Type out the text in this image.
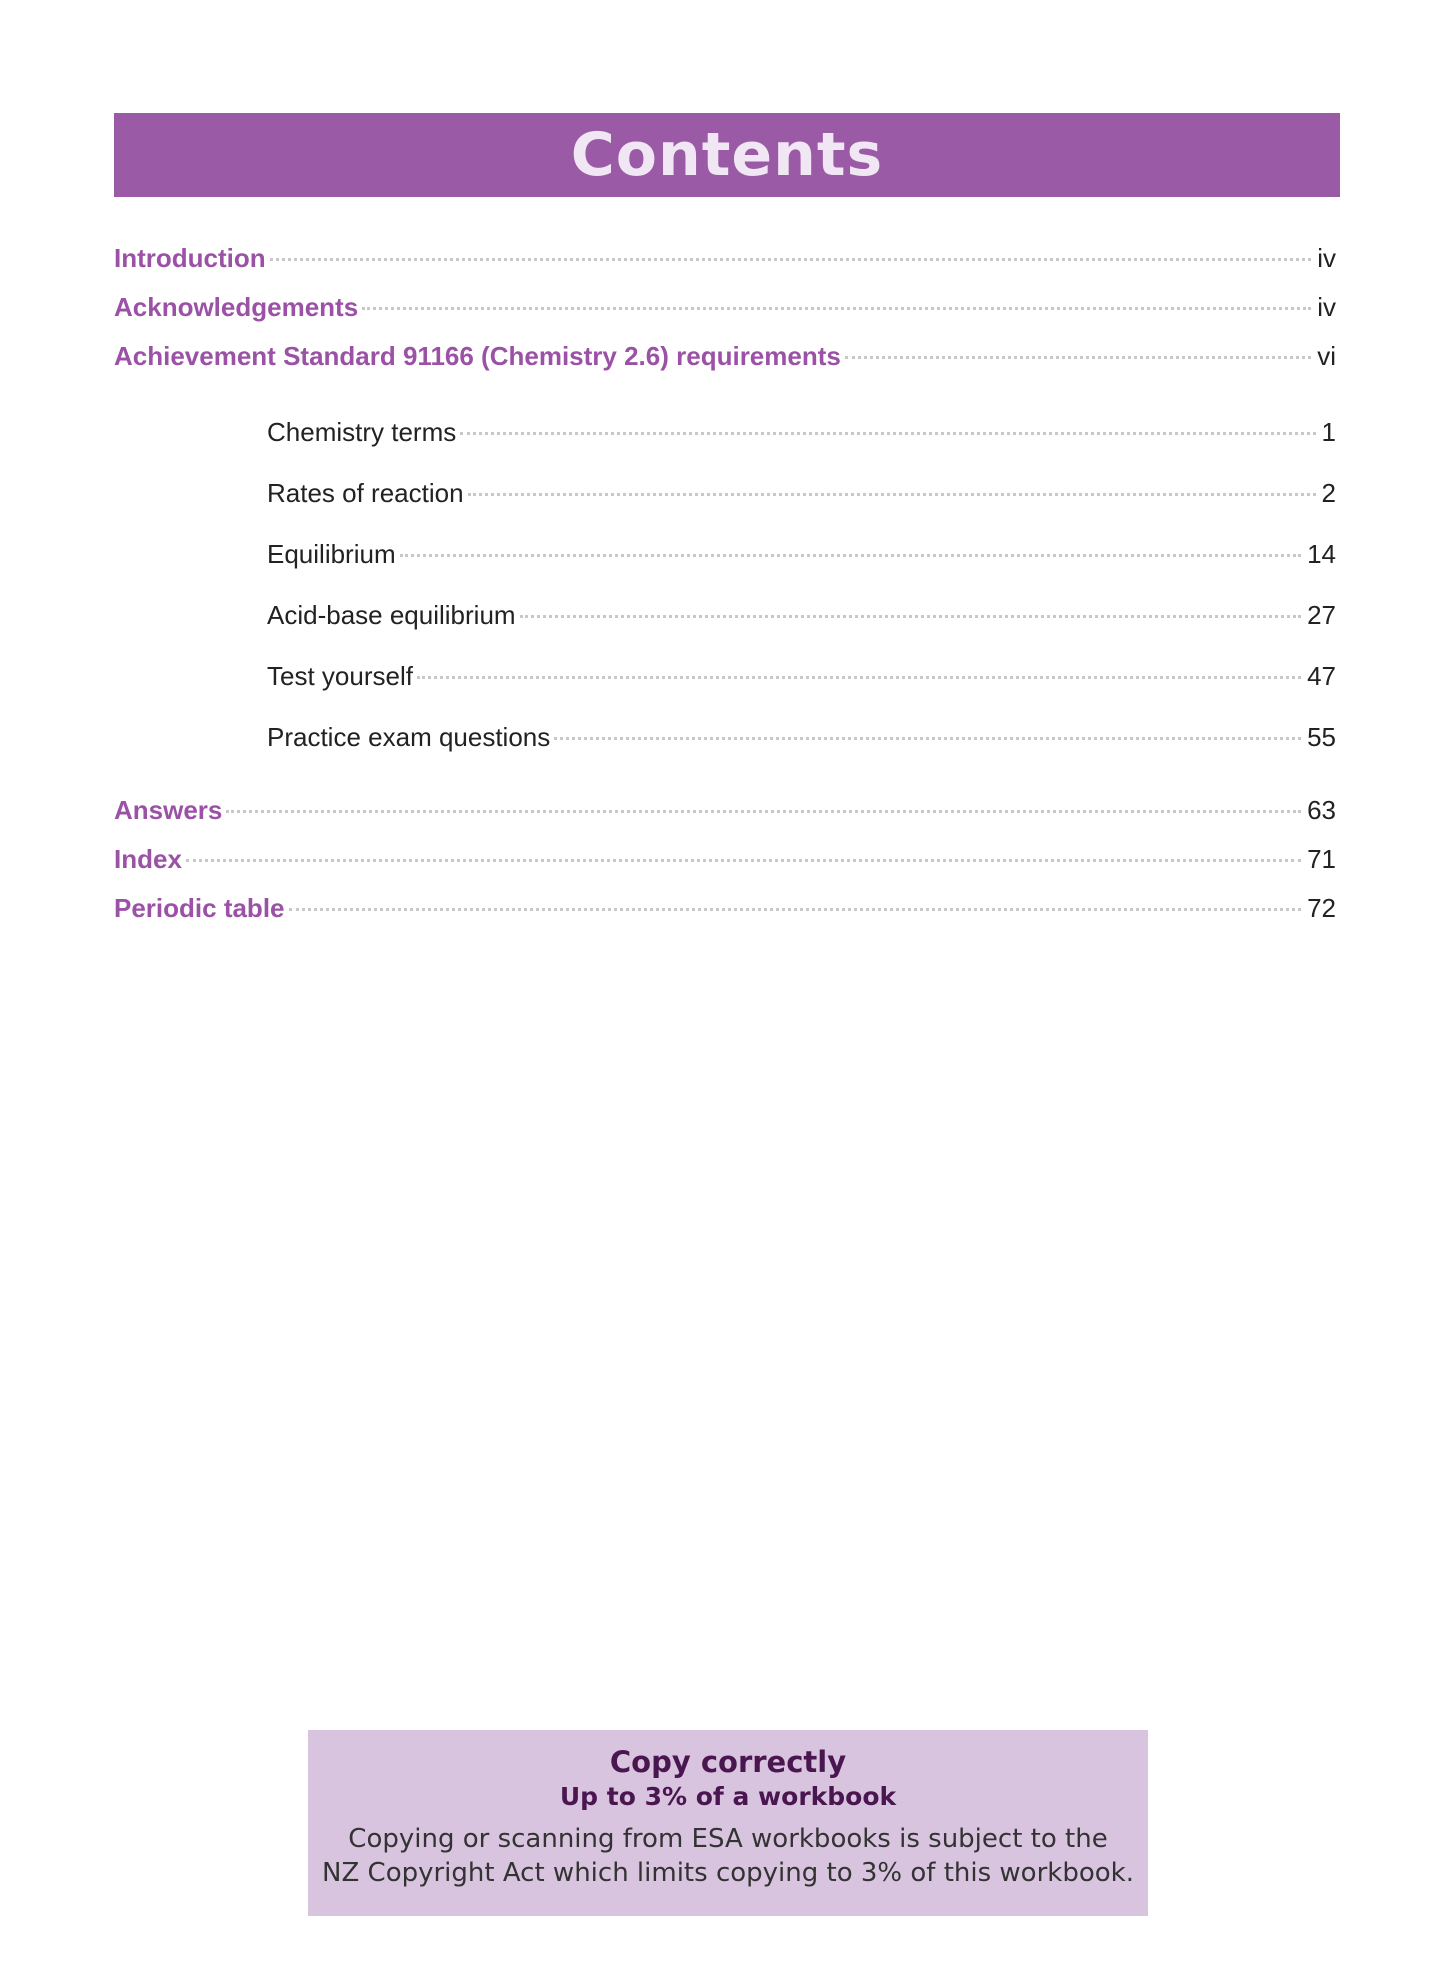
Contents
Introduction	iv
Acknowledgements	iv
Achievement Standard 91166 (Chemistry 2.6) requirements	vi
Chemistry terms	1
Rates of reaction	2
Equilibrium	14
Acid-base equilibrium	27
Test yourself	47
Practice exam questions	55
Answers	63
Index	71
Periodic table	72
Copy correctly
Up to 3% of a workbook
Copying or scanning from ESA workbooks is subject to the
NZ Copyright Act which limits copying to 3% of this workbook.
